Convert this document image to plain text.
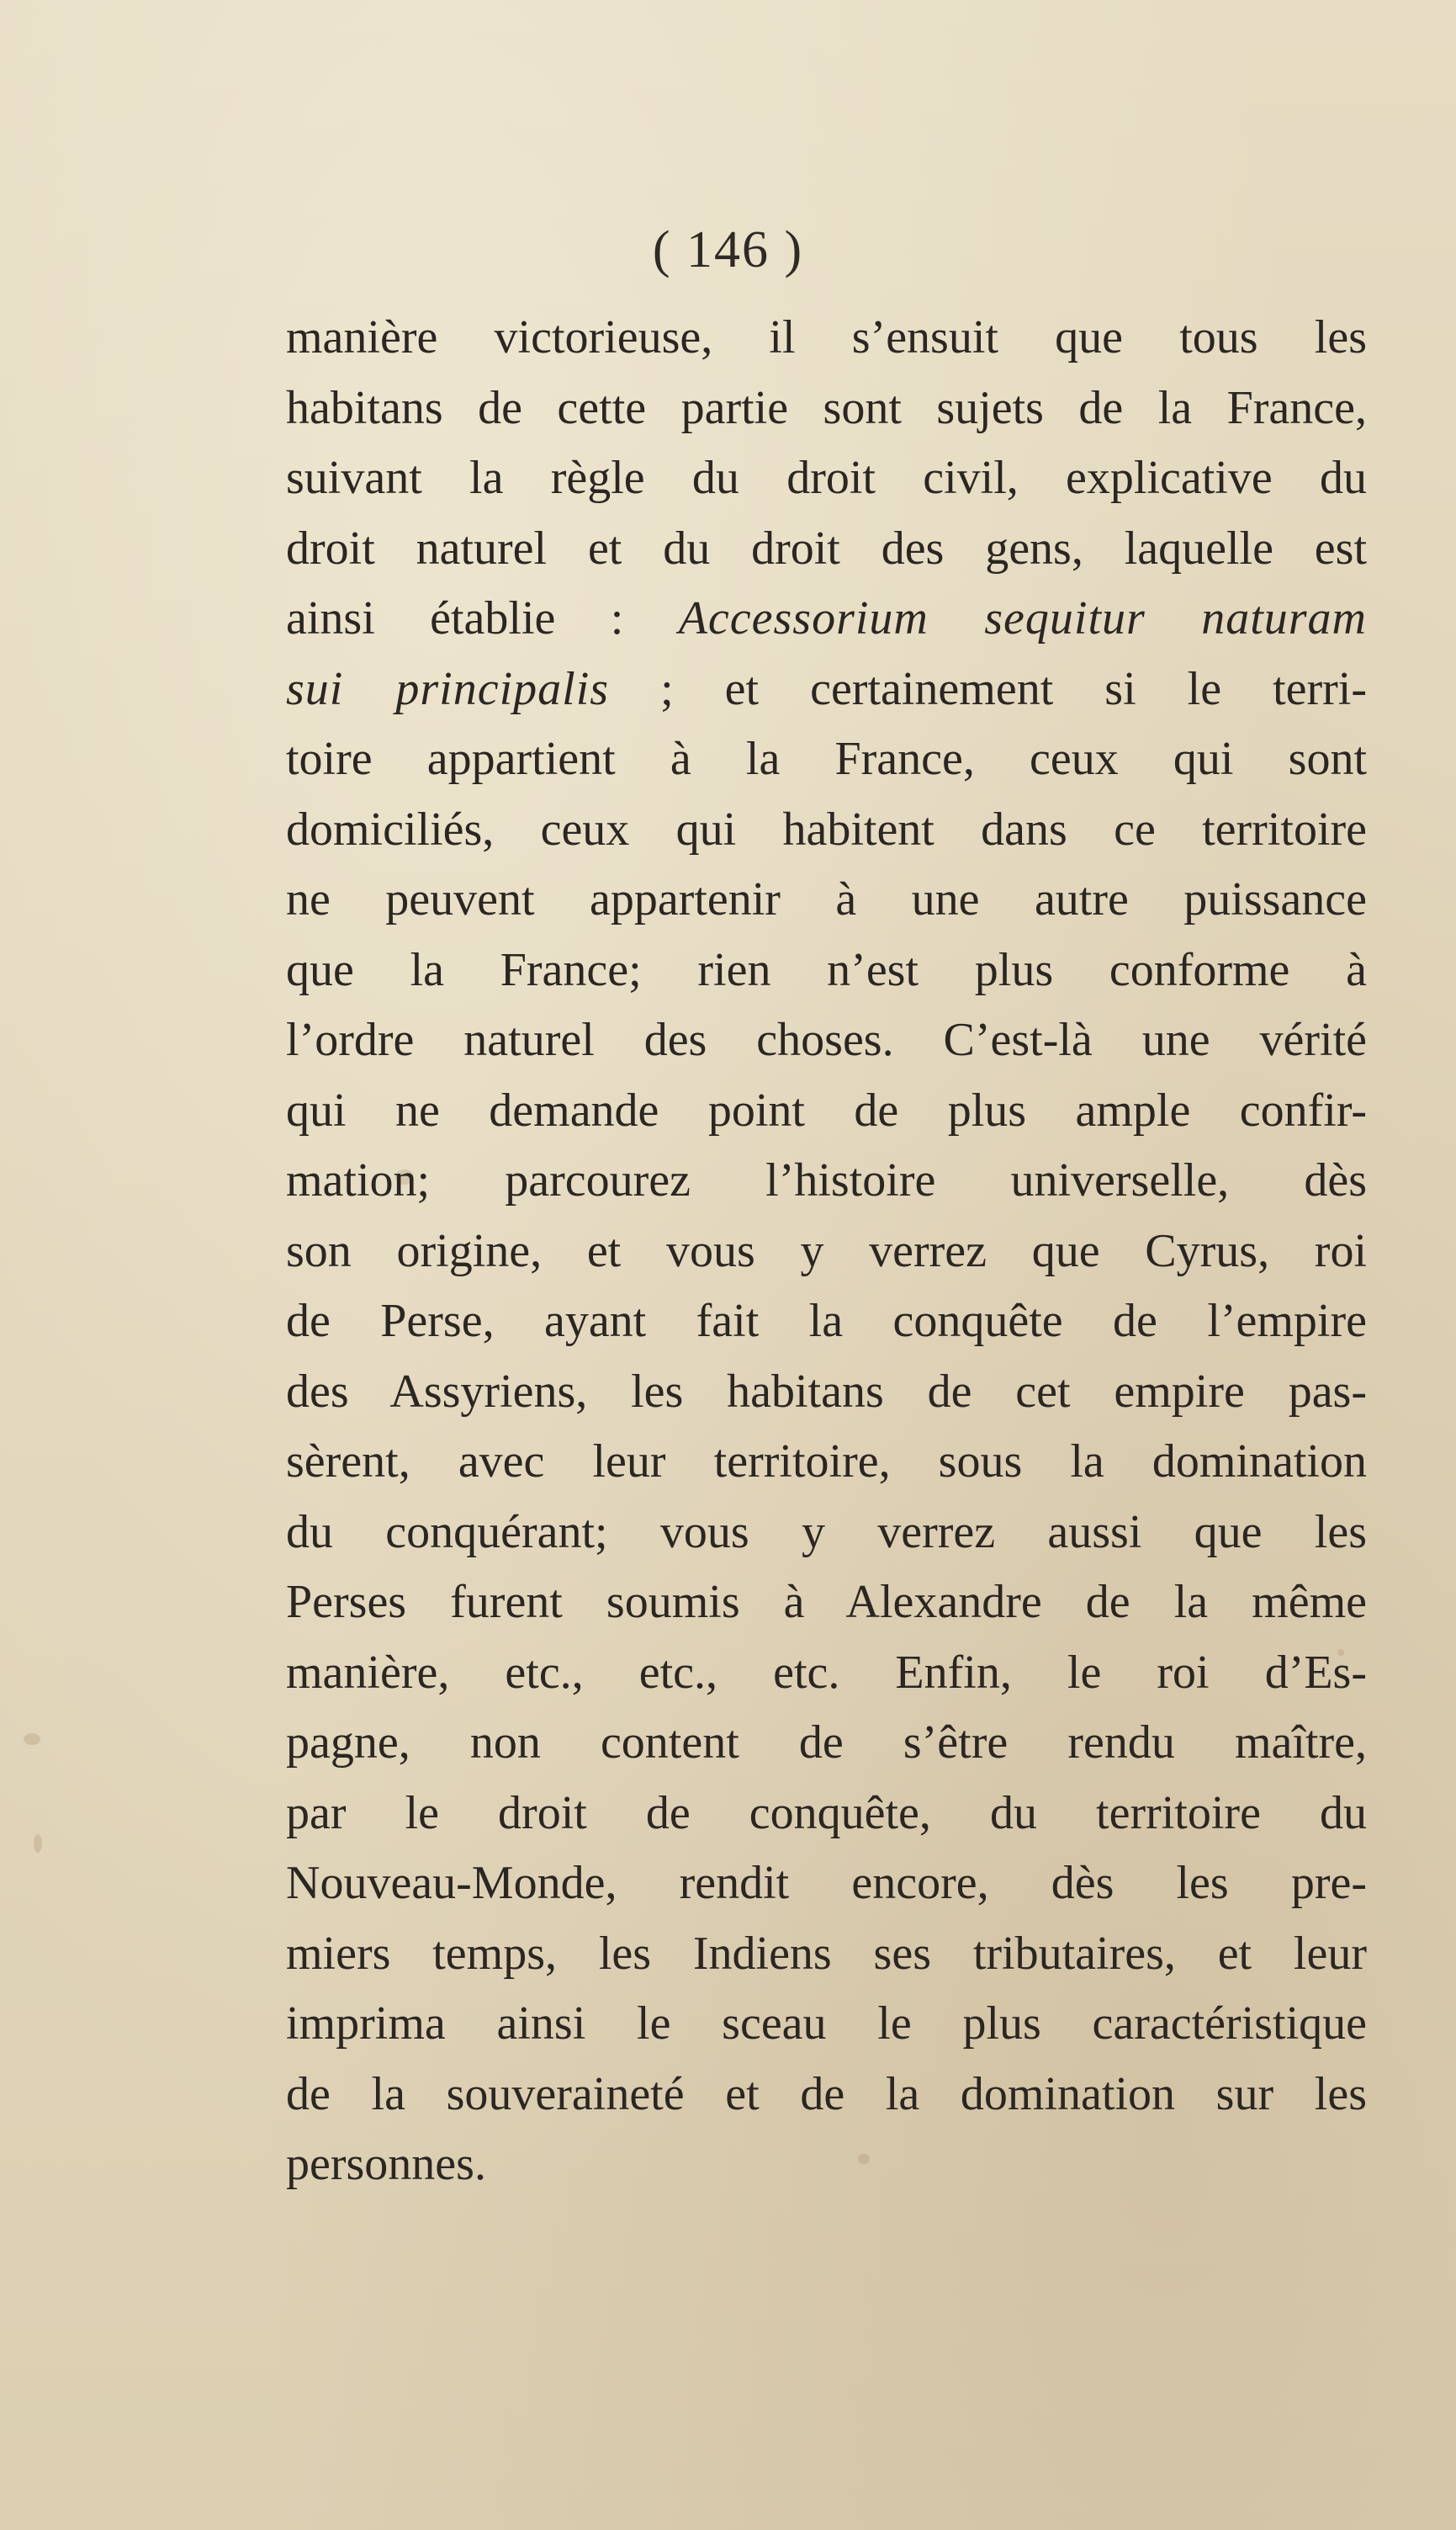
( 146 )
manière victorieuse, il s’ensuit que tous les
habitans de cette partie sont sujets de la France,
suivant la règle du droit civil, explicative du
droit naturel et du droit des gens, laquelle est
ainsi établie : Accessorium sequitur naturam
sui principalis ; et certainement si le terri-
toire appartient à la France, ceux qui sont
domiciliés, ceux qui habitent dans ce territoire
ne peuvent appartenir à une autre puissance
que la France; rien n’est plus conforme à
l’ordre naturel des choses. C’est-là une vérité
qui ne demande point de plus ample confir-
mation; parcourez l’histoire universelle, dès
son origine, et vous y verrez que Cyrus, roi
de Perse, ayant fait la conquête de l’empire
des Assyriens, les habitans de cet empire pas-
sèrent, avec leur territoire, sous la domination
du conquérant; vous y verrez aussi que les
Perses furent soumis à Alexandre de la même
manière, etc., etc., etc. Enfin, le roi d’Es-
pagne, non content de s’être rendu maître,
par le droit de conquête, du territoire du
Nouveau-Monde, rendit encore, dès les pre-
miers temps, les Indiens ses tributaires, et leur
imprima ainsi le sceau le plus caractéristique
de la souveraineté et de la domination sur les
personnes.
